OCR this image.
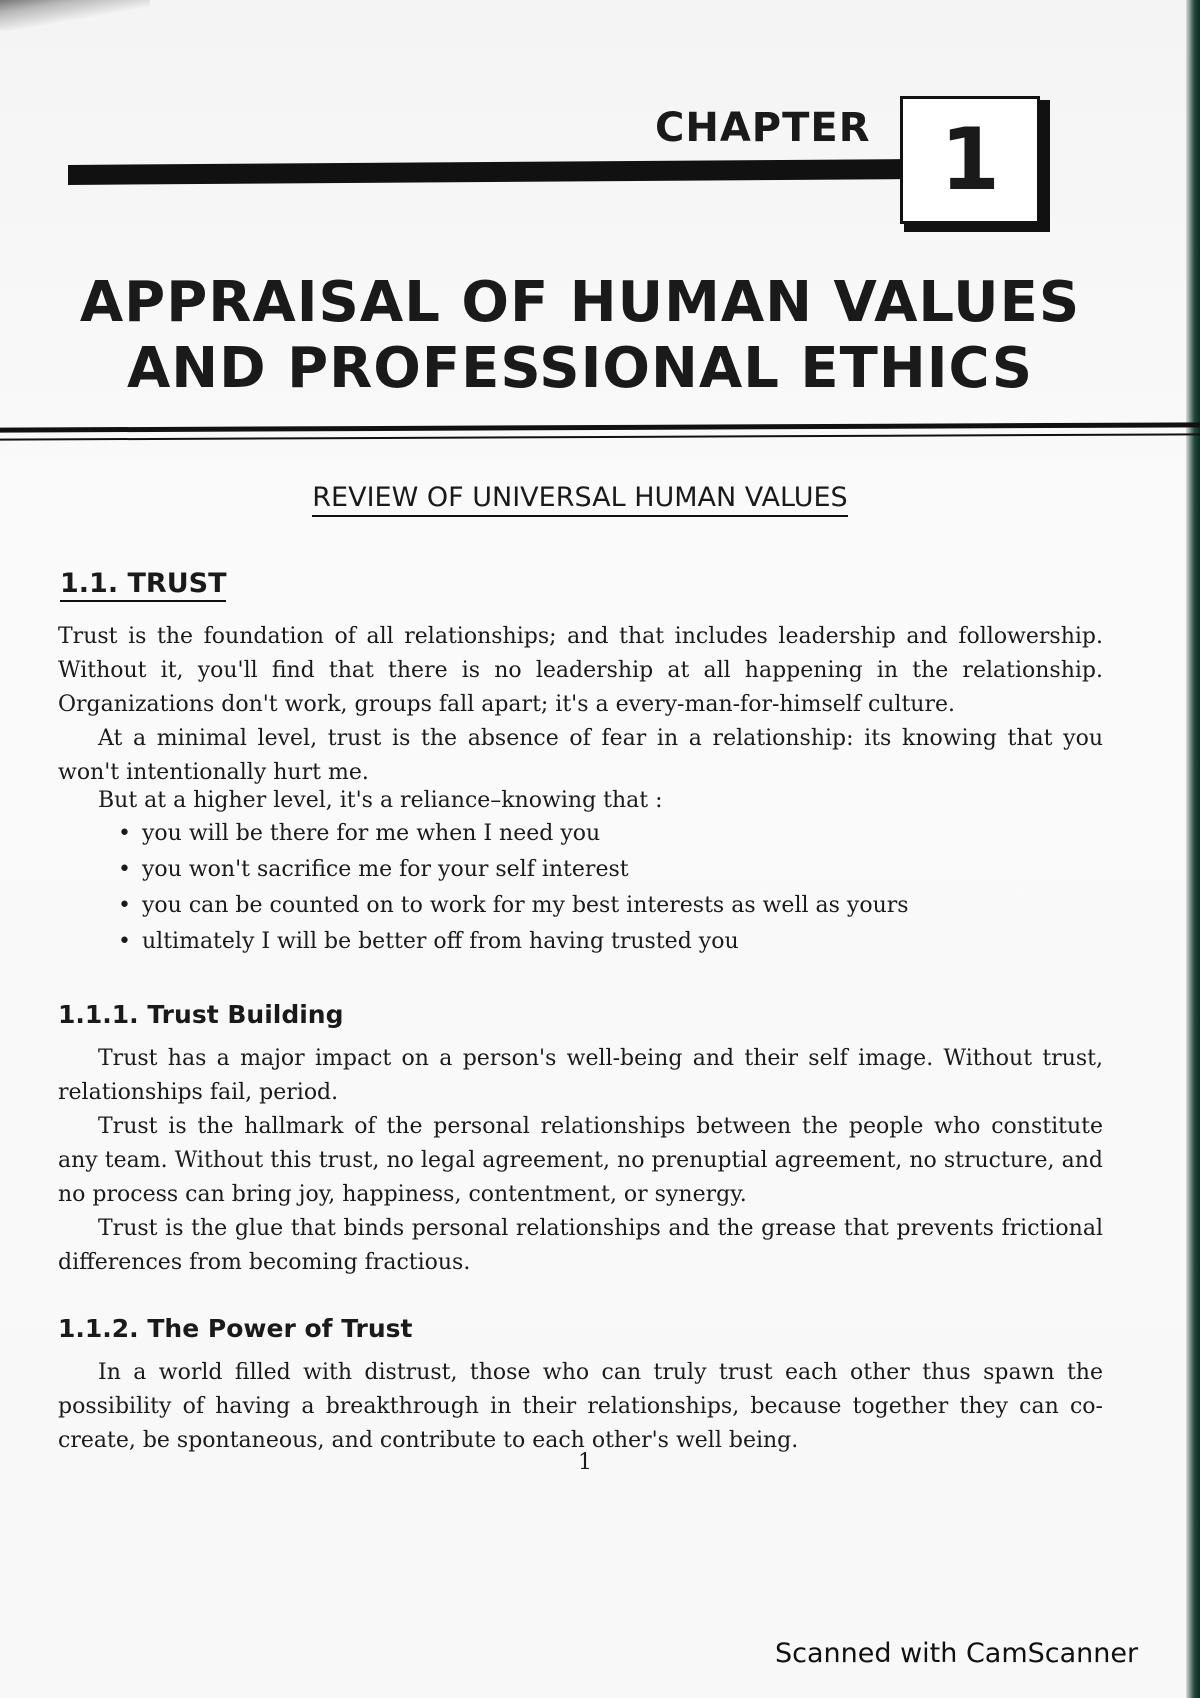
CHAPTER 1
APPRAISAL OF HUMAN VALUES
AND PROFESSIONAL ETHICS
REVIEW OF UNIVERSAL HUMAN VALUES
1.1. TRUST

Trust is the foundation of all relationships; and that includes leadership and followership. Without it, you'll find that there is no leadership at all happening in the relationship. Organizations don't work, groups fall apart; it's a every-man-for-himself culture.

At a minimal level, trust is the absence of fear in a relationship: its knowing that you won't intentionally hurt me.

But at a higher level, it's a reliance–knowing that :

• you will be there for me when I need you
• you won't sacrifice me for your self interest
• you can be counted on to work for my best interests as well as yours
• ultimately I will be better off from having trusted you
1.1.1. Trust Building

Trust has a major impact on a person's well-being and their self image. Without trust, relationships fail, period.

Trust is the hallmark of the personal relationships between the people who constitute any team. Without this trust, no legal agreement, no prenuptial agreement, no structure, and no process can bring joy, happiness, contentment, or synergy.

Trust is the glue that binds personal relationships and the grease that prevents frictional differences from becoming fractious.

1.1.2. The Power of Trust

In a world filled with distrust, those who can truly trust each other thus spawn the possibility of having a breakthrough in their relationships, because together they can co-create, be spontaneous, and contribute to each other's well being.

1
Scanned with CamScanner
